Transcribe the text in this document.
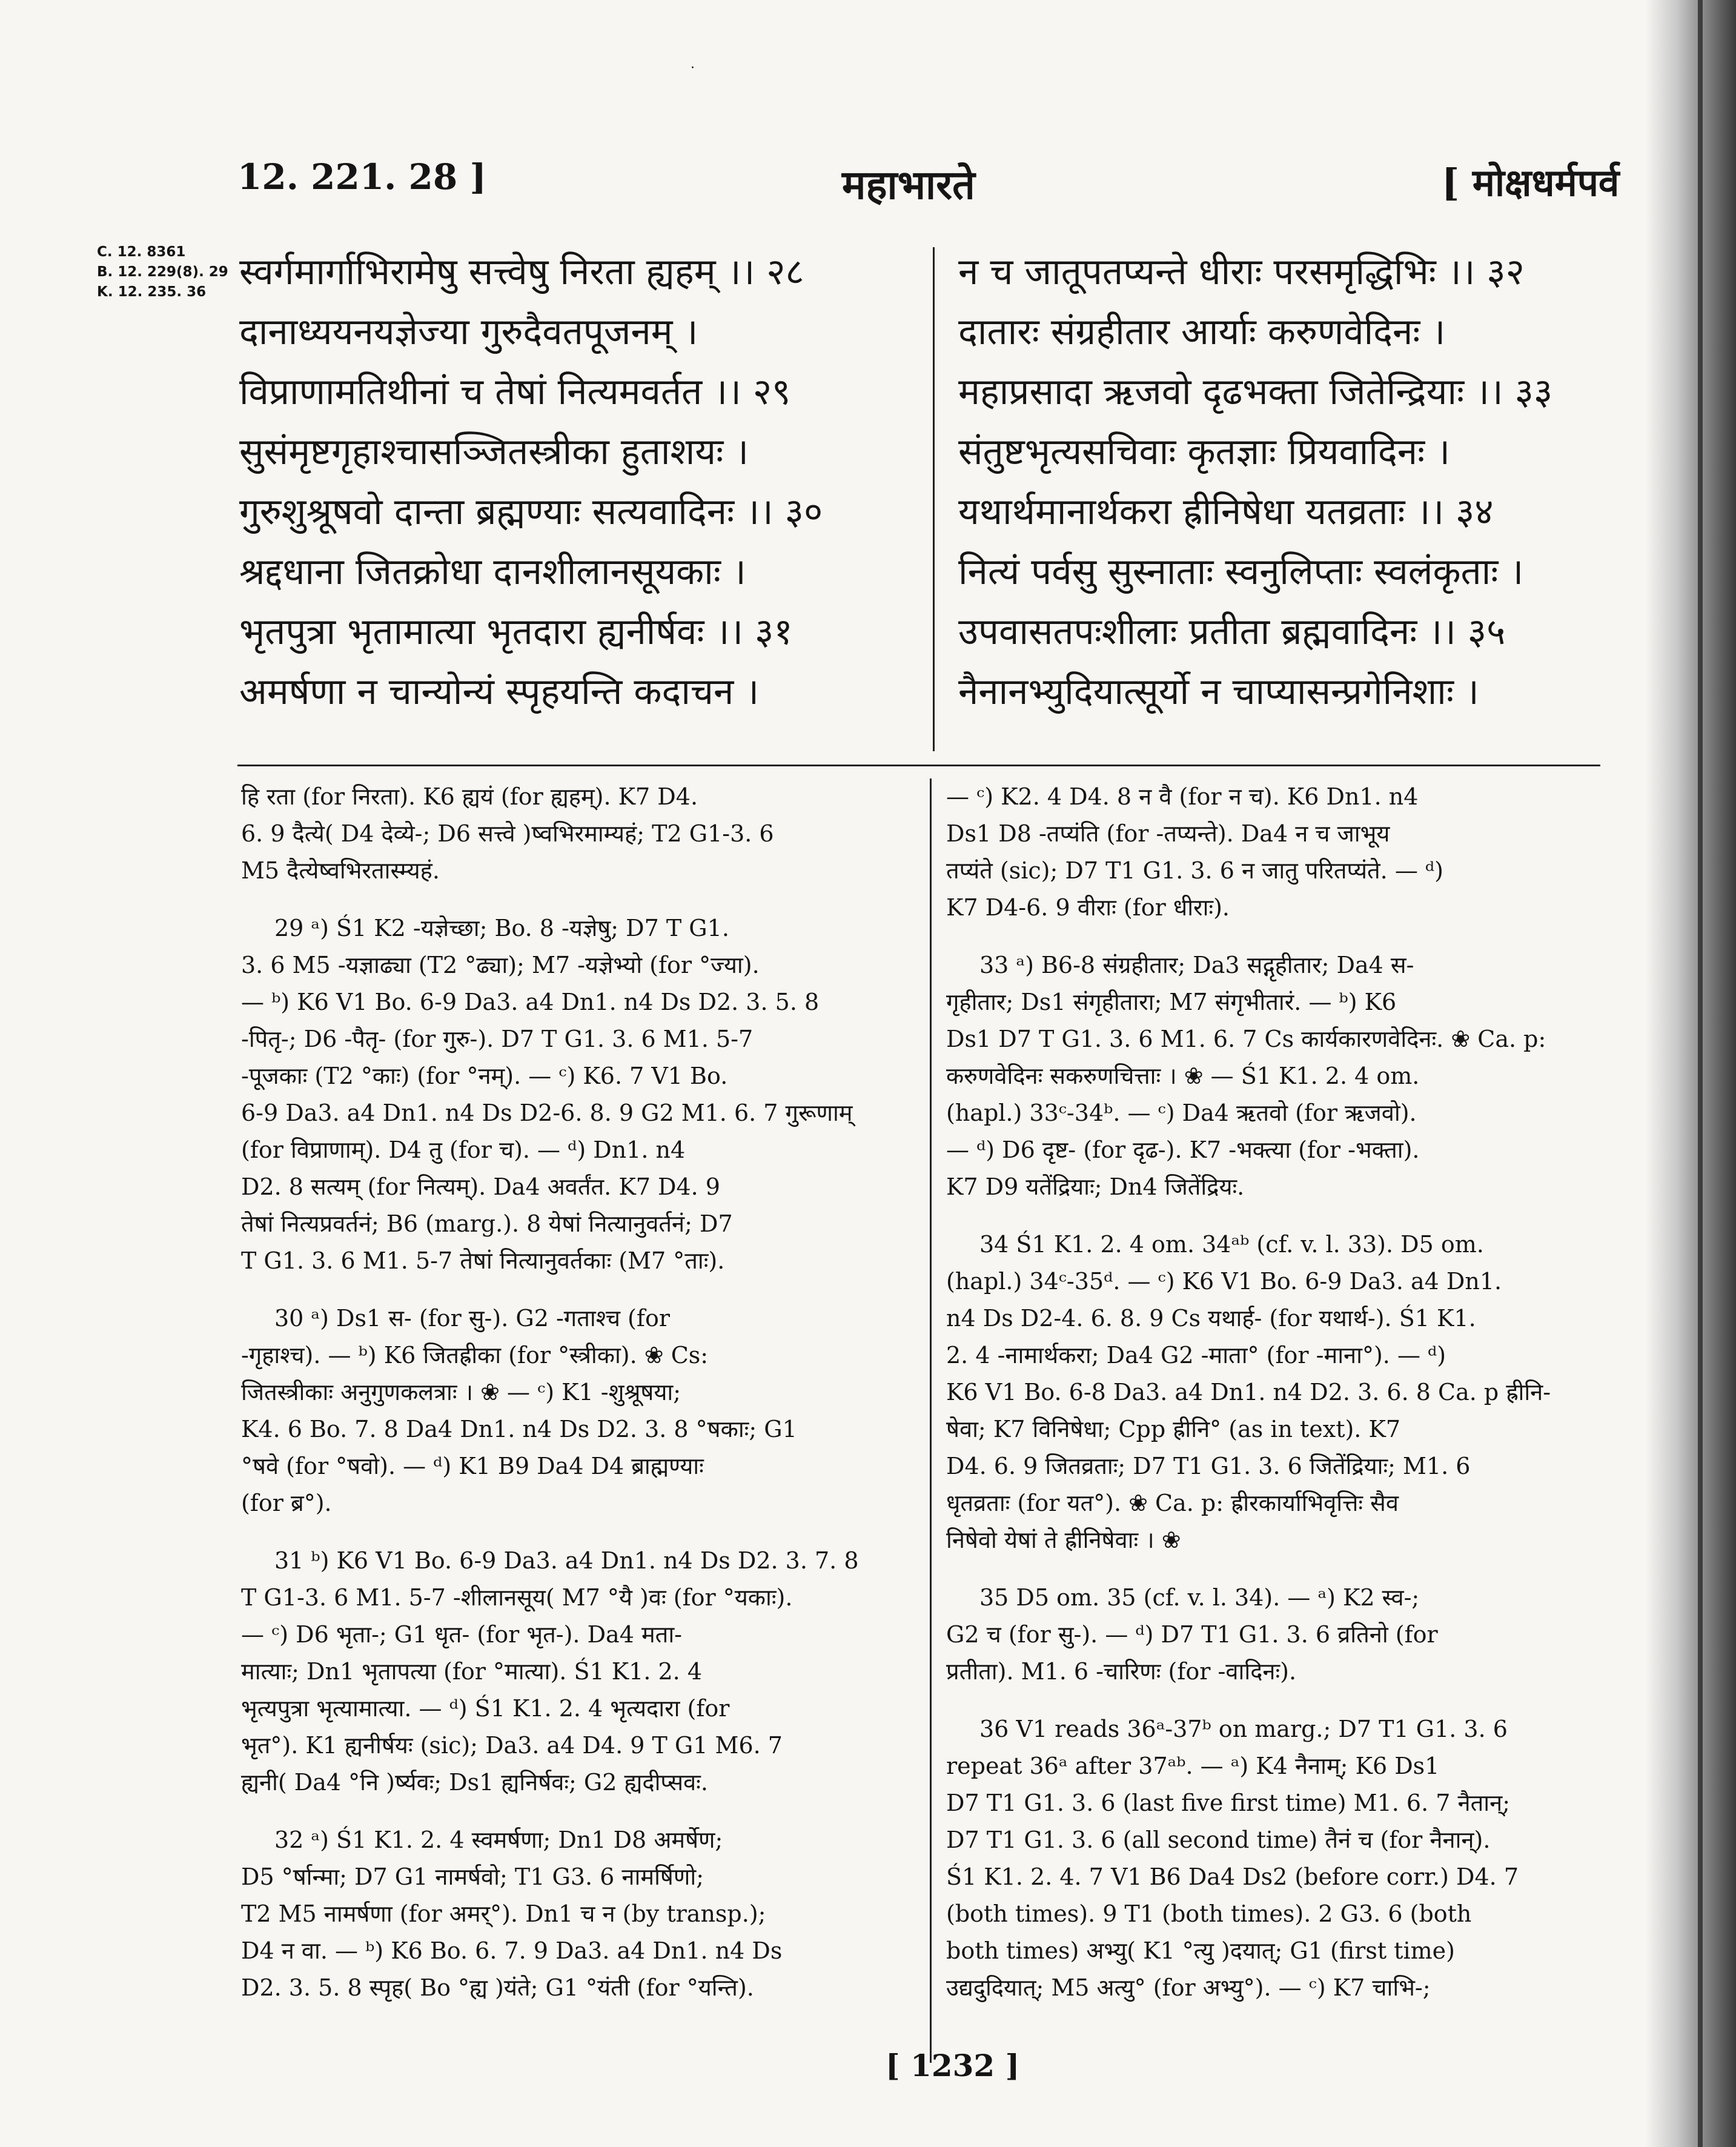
·
12. 221. 28 ]	महाभारते	[ मोक्षधर्मपर्व
C. 12. 8361
B. 12. 229(8). 29
K. 12. 235. 36 स्वर्गमार्गाभिरामेषु सत्त्वेषु निरता ह्यहम् ।। २८
दानाध्ययनयज्ञेज्या गुरुदैवतपूजनम् ।
विप्राणामतिथीनां च तेषां नित्यमवर्तत ।। २९
सुसंमृष्टगृहाश्चासञ्जितस्त्रीका हुताशयः ।
गुरुशुश्रूषवो दान्ता ब्रह्मण्याः सत्यवादिनः ।। ३०
श्रद्दधाना जितक्रोधा दानशीलानसूयकाः ।
भृतपुत्रा भृतामात्या भृतदारा ह्यनीर्षवः ।। ३१
अमर्षणा न चान्योन्यं स्पृहयन्ति कदाचन ।
न च जातूपतप्यन्ते धीराः परसमृद्धिभिः ।। ३२
दातारः संग्रहीतार आर्याः करुणवेदिनः ।
महाप्रसादा ऋजवो दृढभक्ता जितेन्द्रियाः ।। ३३
संतुष्टभृत्यसचिवाः कृतज्ञाः प्रियवादिनः ।
यथार्थमानार्थकरा ह्रीनिषेधा यतव्रताः ।। ३४
नित्यं पर्वसु सुस्नाताः स्वनुलिप्ताः स्वलंकृताः ।
उपवासतपःशीलाः प्रतीता ब्रह्मवादिनः ।। ३५
नैनानभ्युदियात्सूर्यो न चाप्यासन्प्रगेनिशाः ।
हि रता (for निरता). K6 ह्ययं (for ह्यहम्). K7 D4.
6. 9 दैत्ये( D4 देव्ये-; D6 सत्त्वे )ष्वभिरमाम्यहं; T2 G1-3. 6
M5 दैत्येष्वभिरतास्म्यहं.
29 ᵃ) Ś1 K2 -यज्ञेच्छा; Bo. 8 -यज्ञेषु; D7 T G1.
3. 6 M5 -यज्ञाढ्या (T2 °ढ्या); M7 -यज्ञेभ्यो (for °ज्या).
— ᵇ) K6 V1 Bo. 6-9 Da3. a4 Dn1. n4 Ds D2. 3. 5. 8
-पितृ-; D6 -पैतृ- (for गुरु-). D7 T G1. 3. 6 M1. 5-7
-पूजकाः (T2 °काः) (for °नम्). — ᶜ) K6. 7 V1 Bo.
6-9 Da3. a4 Dn1. n4 Ds D2-6. 8. 9 G2 M1. 6. 7 गुरूणाम्
(for विप्राणाम्). D4 तु (for च). — ᵈ) Dn1. n4
D2. 8 सत्यम् (for नित्यम्). Da4 अवर्तंत. K7 D4. 9
तेषां नित्यप्रवर्तनं; B6 (marg.). 8 येषां नित्यानुवर्तनं; D7
T G1. 3. 6 M1. 5-7 तेषां नित्यानुवर्तकाः (M7 °ताः).
30 ᵃ) Ds1 स- (for सु-). G2 -गताश्च (for
-गृहाश्च). — ᵇ) K6 जितह्रीका (for °स्त्रीका). ❀ Cs:
जितस्त्रीकाः अनुगुणकलत्राः । ❀ — ᶜ) K1 -शुश्रूषया;
K4. 6 Bo. 7. 8 Da4 Dn1. n4 Ds D2. 3. 8 °षकाः; G1
°षवे (for °षवो). — ᵈ) K1 B9 Da4 D4 ब्राह्मण्याः
(for ब्र°).
31 ᵇ) K6 V1 Bo. 6-9 Da3. a4 Dn1. n4 Ds D2. 3. 7. 8
T G1-3. 6 M1. 5-7 -शीलानसूय( M7 °यै )वः (for °यकाः).
— ᶜ) D6 भृता-; G1 धृत- (for भृत-). Da4 मता-
मात्याः; Dn1 भृतापत्या (for °मात्या). Ś1 K1. 2. 4
भृत्यपुत्रा भृत्यामात्या. — ᵈ) Ś1 K1. 2. 4 भृत्यदारा (for
भृत°). K1 ह्यनीर्षयः (sic); Da3. a4 D4. 9 T G1 M6. 7
ह्यनी( Da4 °नि )र्ष्यवः; Ds1 ह्यनिर्षवः; G2 ह्यदीप्सवः.
32 ᵃ) Ś1 K1. 2. 4 स्वमर्षणा; Dn1 D8 अमर्षेण;
D5 °र्षान्मा; D7 G1 नामर्षवो; T1 G3. 6 नामर्षिणो;
T2 M5 नामर्षणा (for अमर्°). Dn1 च न (by transp.);
D4 न वा. — ᵇ) K6 Bo. 6. 7. 9 Da3. a4 Dn1. n4 Ds
D2. 3. 5. 8 स्पृह( Bo °ह्य )यंते; G1 °यंती (for °यन्ति).
— ᶜ) K2. 4 D4. 8 न वै (for न च). K6 Dn1. n4
Ds1 D8 -तप्यंति (for -तप्यन्ते). Da4 न च जाभूय
तप्यंते (sic); D7 T1 G1. 3. 6 न जातु परितप्यंते. — ᵈ)
K7 D4-6. 9 वीराः (for धीराः).
33 ᵃ) B6-8 संग्रहीतार; Da3 सद्गृहीतार; Da4 स-
गृहीतार; Ds1 संगृहीतारा; M7 संगृभीतारं. — ᵇ) K6
Ds1 D7 T G1. 3. 6 M1. 6. 7 Cs कार्यकारणवेदिनः. ❀ Ca. p:
करुणवेदिनः सकरुणचित्ताः । ❀ — Ś1 K1. 2. 4 om.
(hapl.) 33ᶜ-34ᵇ. — ᶜ) Da4 ऋतवो (for ऋजवो).
— ᵈ) D6 दृष्ट- (for दृढ-). K7 -भक्त्या (for -भक्ता).
K7 D9 यतेंद्रियाः; Dn4 जितेंद्रियः.
34 Ś1 K1. 2. 4 om. 34ᵃᵇ (cf. v. l. 33). D5 om.
(hapl.) 34ᶜ-35ᵈ. — ᶜ) K6 V1 Bo. 6-9 Da3. a4 Dn1.
n4 Ds D2-4. 6. 8. 9 Cs यथार्ह- (for यथार्थ-). Ś1 K1.
2. 4 -नामार्थकरा; Da4 G2 -माता° (for -माना°). — ᵈ)
K6 V1 Bo. 6-8 Da3. a4 Dn1. n4 D2. 3. 6. 8 Ca. p ह्रीनि-
षेवा; K7 विनिषेधा; Cpp ह्रीनि° (as in text). K7
D4. 6. 9 जितव्रताः; D7 T1 G1. 3. 6 जितेंद्रियाः; M1. 6
धृतव्रताः (for यत°). ❀ Ca. p: ह्रीरकार्याभिवृत्तिः सैव
निषेवो येषां ते ह्रीनिषेवाः । ❀
35 D5 om. 35 (cf. v. l. 34). — ᵃ) K2 स्व-;
G2 च (for सु-). — ᵈ) D7 T1 G1. 3. 6 व्रतिनो (for
प्रतीता). M1. 6 -चारिणः (for -वादिनः).
36 V1 reads 36ᵃ-37ᵇ on marg.; D7 T1 G1. 3. 6
repeat 36ᵃ after 37ᵃᵇ. — ᵃ) K4 नैनाम्; K6 Ds1
D7 T1 G1. 3. 6 (last five first time) M1. 6. 7 नैतान्;
D7 T1 G1. 3. 6 (all second time) तैनं च (for नैनान्).
Ś1 K1. 2. 4. 7 V1 B6 Da4 Ds2 (before corr.) D4. 7
(both times). 9 T1 (both times). 2 G3. 6 (both
both times) अभ्यु( K1 °त्यु )दयात्; G1 (first time)
उद्यदुदियात्; M5 अत्यु° (for अभ्यु°). — ᶜ) K7 चाभि-;
[ 1232 ]
